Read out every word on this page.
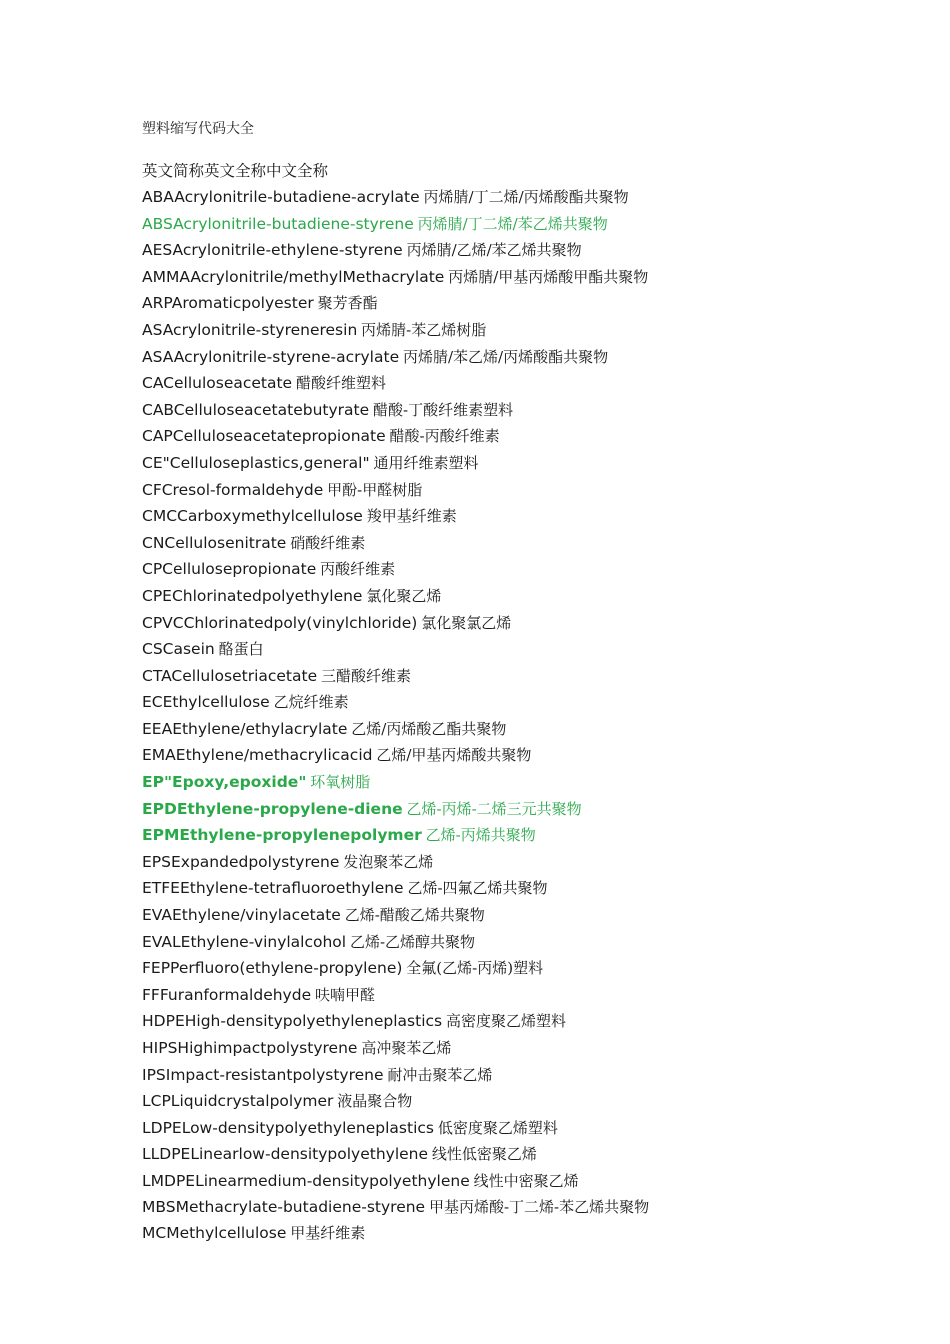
塑料缩写代码大全
英文简称英文全称中文全称
ABAAcrylonitrile-butadiene-acrylate 丙烯腈/丁二烯/丙烯酸酯共聚物
ABSAcrylonitrile-butadiene-styrene 丙烯腈/丁二烯/苯乙烯共聚物
AESAcrylonitrile-ethylene-styrene 丙烯腈/乙烯/苯乙烯共聚物
AMMAAcrylonitrile/methylMethacrylate 丙烯腈/甲基丙烯酸甲酯共聚物
ARPAromaticpolyester 聚芳香酯
ASAcrylonitrile-styreneresin 丙烯腈-苯乙烯树脂
ASAAcrylonitrile-styrene-acrylate 丙烯腈/苯乙烯/丙烯酸酯共聚物
CACelluloseacetate 醋酸纤维塑料
CABCelluloseacetatebutyrate 醋酸-丁酸纤维素塑料
CAPCelluloseacetatepropionate 醋酸-丙酸纤维素
CE"Celluloseplastics,general" 通用纤维素塑料
CFCresol-formaldehyde 甲酚-甲醛树脂
CMCCarboxymethylcellulose 羧甲基纤维素
CNCellulosenitrate 硝酸纤维素
CPCellulosepropionate 丙酸纤维素
CPEChlorinatedpolyethylene 氯化聚乙烯
CPVCChlorinatedpoly(vinylchloride) 氯化聚氯乙烯
CSCasein 酪蛋白
CTACellulosetriacetate 三醋酸纤维素
ECEthylcellulose 乙烷纤维素
EEAEthylene/ethylacrylate 乙烯/丙烯酸乙酯共聚物
EMAEthylene/methacrylicacid 乙烯/甲基丙烯酸共聚物
EP"Epoxy,epoxide" 环氧树脂
EPDEthylene-propylene-diene 乙烯-丙烯-二烯三元共聚物
EPMEthylene-propylenepolymer 乙烯-丙烯共聚物
EPSExpandedpolystyrene 发泡聚苯乙烯
ETFEEthylene-tetrafluoroethylene 乙烯-四氟乙烯共聚物
EVAEthylene/vinylacetate 乙烯-醋酸乙烯共聚物
EVALEthylene-vinylalcohol 乙烯-乙烯醇共聚物
FEPPerfluoro(ethylene-propylene) 全氟(乙烯-丙烯)塑料
FFFuranformaldehyde 呋喃甲醛
HDPEHigh-densitypolyethyleneplastics 高密度聚乙烯塑料
HIPSHighimpactpolystyrene 高冲聚苯乙烯
IPSImpact-resistantpolystyrene 耐冲击聚苯乙烯
LCPLiquidcrystalpolymer 液晶聚合物
LDPELow-densitypolyethyleneplastics 低密度聚乙烯塑料
LLDPELinearlow-densitypolyethylene 线性低密聚乙烯
LMDPELinearmedium-densitypolyethylene 线性中密聚乙烯
MBSMethacrylate-butadiene-styrene 甲基丙烯酸-丁二烯-苯乙烯共聚物
MCMethylcellulose 甲基纤维素
